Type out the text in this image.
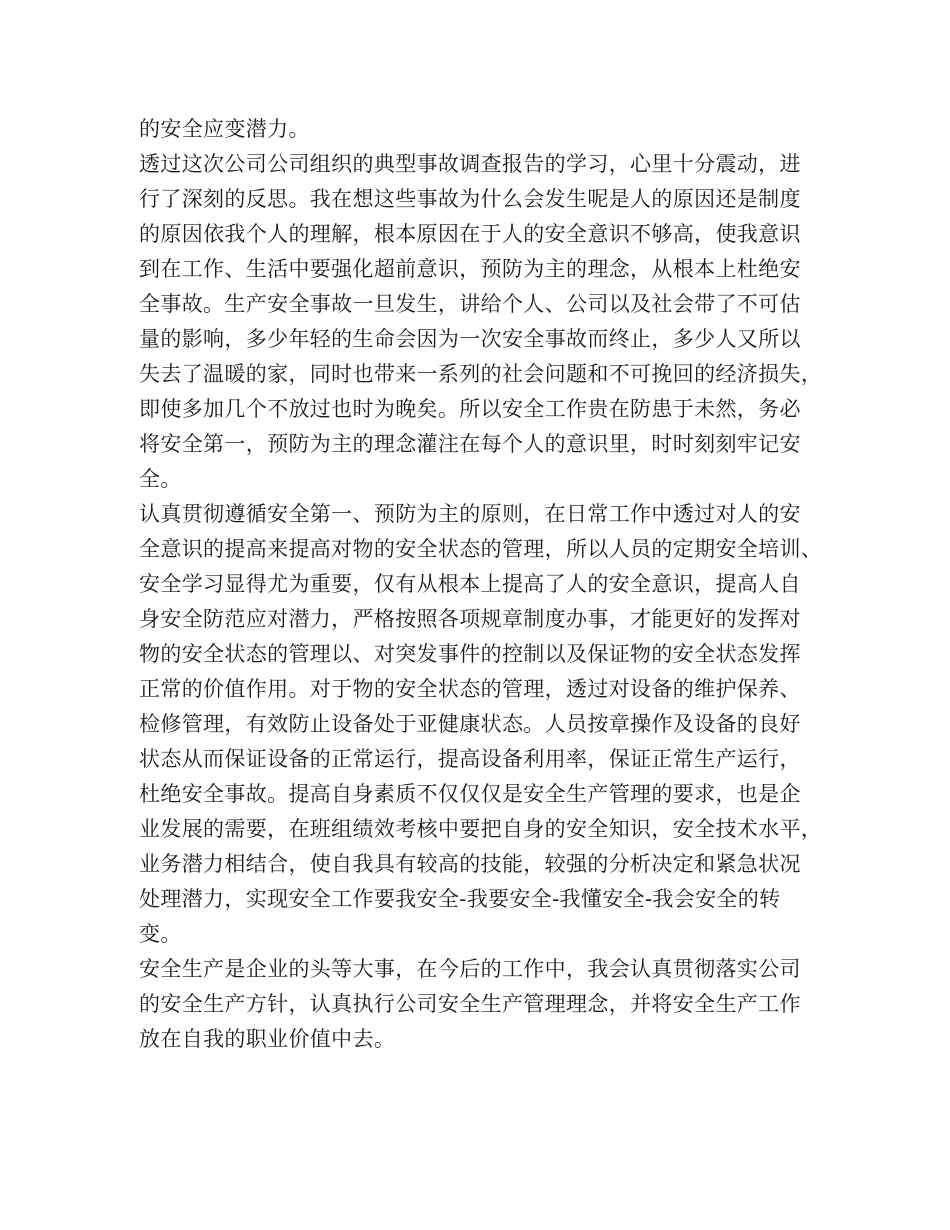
的安全应变潜力。
透过这次公司公司组织的典型事故调查报告的学习，心里十分震动，进
行了深刻的反思。我在想这些事故为什么会发生呢是人的原因还是制度
的原因依我个人的理解，根本原因在于人的安全意识不够高，使我意识
到在工作、生活中要强化超前意识，预防为主的理念，从根本上杜绝安
全事故。生产安全事故一旦发生，讲给个人、公司以及社会带了不可估
量的影响，多少年轻的生命会因为一次安全事故而终止，多少人又所以
失去了温暖的家，同时也带来一系列的社会问题和不可挽回的经济损失，
即使多加几个不放过也时为晚矣。所以安全工作贵在防患于未然，务必
将安全第一，预防为主的理念灌注在每个人的意识里，时时刻刻牢记安
全。
认真贯彻遵循安全第一、预防为主的原则，在日常工作中透过对人的安
全意识的提高来提高对物的安全状态的管理，所以人员的定期安全培训、
安全学习显得尤为重要，仅有从根本上提高了人的安全意识，提高人自
身安全防范应对潜力，严格按照各项规章制度办事，才能更好的发挥对
物的安全状态的管理以、对突发事件的控制以及保证物的安全状态发挥
正常的价值作用。对于物的安全状态的管理，透过对设备的维护保养、
检修管理，有效防止设备处于亚健康状态。人员按章操作及设备的良好
状态从而保证设备的正常运行，提高设备利用率，保证正常生产运行，
杜绝安全事故。提高自身素质不仅仅仅是安全生产管理的要求，也是企
业发展的需要，在班组绩效考核中要把自身的安全知识，安全技术水平，
业务潜力相结合，使自我具有较高的技能，较强的分析决定和紧急状况
处理潜力，实现安全工作要我安全-我要安全-我懂安全-我会安全的转
变。
安全生产是企业的头等大事，在今后的工作中，我会认真贯彻落实公司
的安全生产方针，认真执行公司安全生产管理理念，并将安全生产工作
放在自我的职业价值中去。
